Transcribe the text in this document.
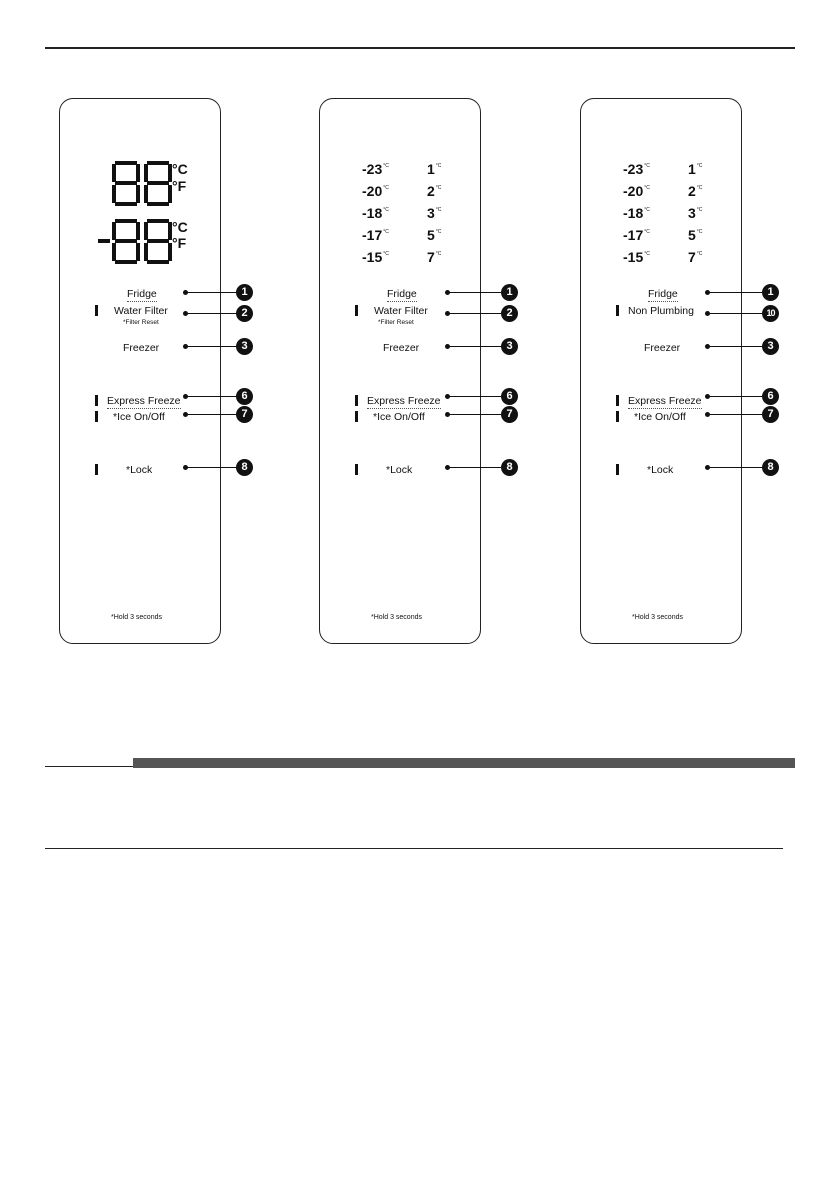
°C
°F
°C
°F
Fridge
Water Filter
*Filter Reset
Freezer
Express Freeze
*Ice On/Off
*Lock
*Hold 3 seconds
$-23^{^\circ C}$
$-20^{^\circ C}$
$-18^{^\circ C}$
$-17^{^\circ C}$
$-15^{^\circ C}$
$1^{^\circ C}$
$2^{^\circ C}$
$3^{^\circ C}$
$5^{^\circ C}$
$7^{^\circ C}$
Fridge
Water Filter
*Filter Reset
Freezer
Express Freeze
*Ice On/Off
*Lock
*Hold 3 seconds
$-23^{^\circ C}$
$-20^{^\circ C}$
$-18^{^\circ C}$
$-17^{^\circ C}$
$-15^{^\circ C}$
$1^{^\circ C}$
$2^{^\circ C}$
$3^{^\circ C}$
$5^{^\circ C}$
$7^{^\circ C}$
Fridge
Non Plumbing
Freezer
Express Freeze
*Ice On/Off
*Lock
*Hold 3 seconds
1
2
3
6
7
8
1
2
3
6
7
8
1
10
3
6
7
8
